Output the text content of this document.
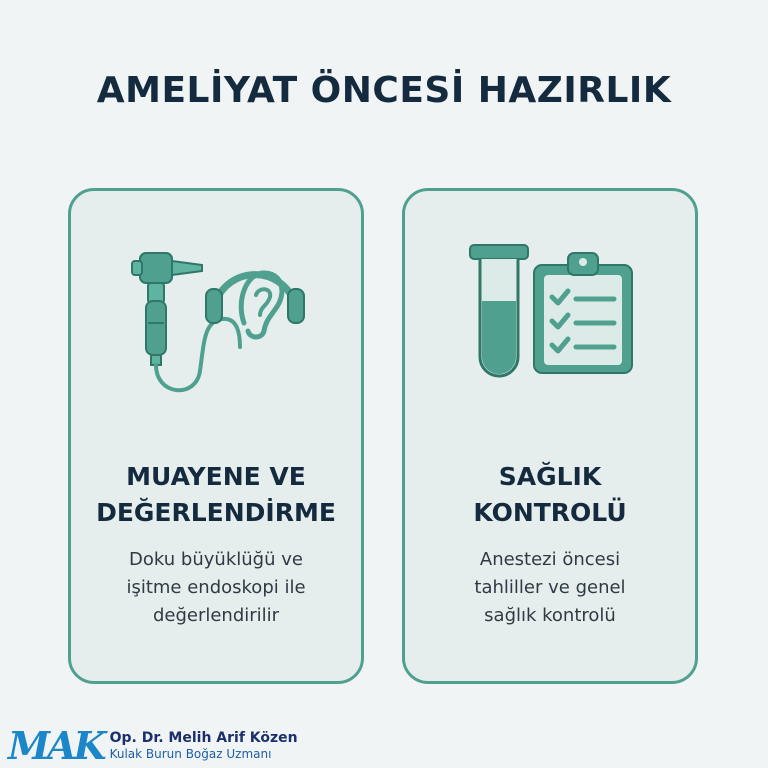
AMELİYAT ÖNCESİ HAZIRLIK
MUAYENE VE
DEĞERLENDİRME
Doku büyüklüğü ve
işitme endoskopi ile
değerlendirilir
SAĞLIK
KONTROLÜ
Anestezi öncesi
tahliller ve genel
sağlık kontrolü
MAK Op. Dr. Melih Arif Közen
Kulak Burun Boğaz Uzmanı
